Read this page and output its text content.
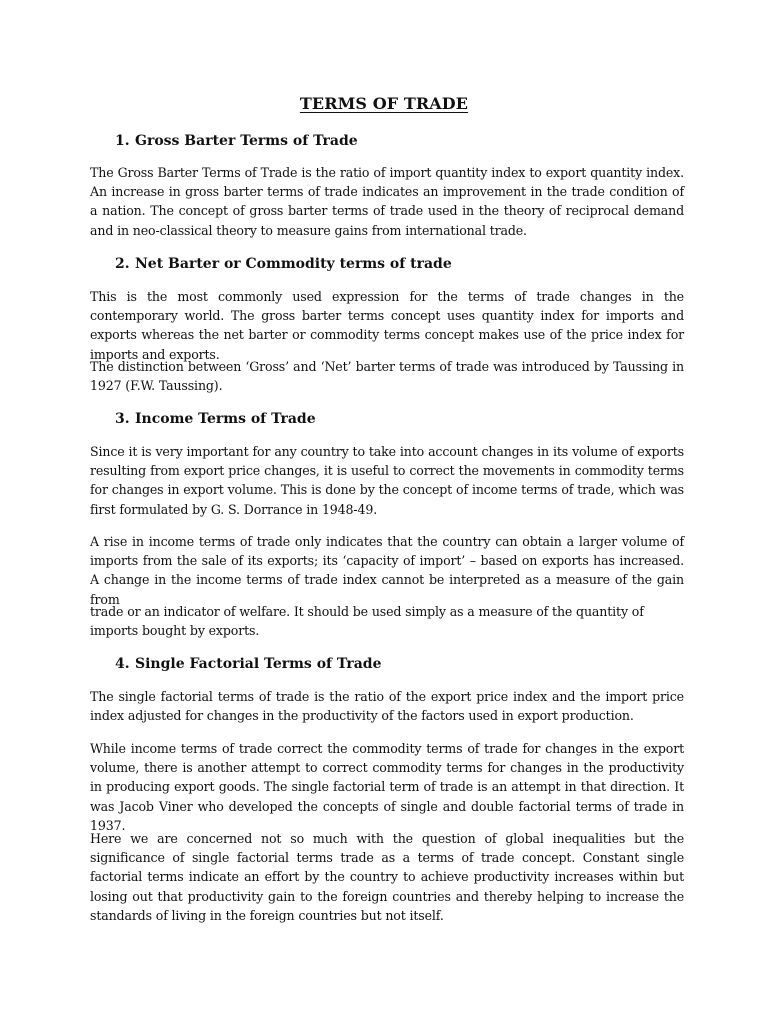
TERMS OF TRADE
1. Gross Barter Terms of Trade

The Gross Barter Terms of Trade is the ratio of import quantity index to export quantity index. An increase in gross barter terms of trade indicates an improvement in the trade condition of a nation. The concept of gross barter terms of trade used in the theory of reciprocal demand and in neo-classical theory to measure gains from international trade.

2. Net Barter or Commodity terms of trade

This is the most commonly used expression for the terms of trade changes in the contemporary world. The gross barter terms concept uses quantity index for imports and exports whereas the net barter or commodity terms concept makes use of the price index for imports and exports.

The distinction between ‘Gross’ and ‘Net’ barter terms of trade was introduced by Taussing in 1927 (F.W. Taussing).

3. Income Terms of Trade

Since it is very important for any country to take into account changes in its volume of exports resulting from export price changes, it is useful to correct the movements in commodity terms for changes in export volume. This is done by the concept of income terms of trade, which was first formulated by G. S. Dorrance in 1948-49.

A rise in income terms of trade only indicates that the country can obtain a larger volume of imports from the sale of its exports; its ‘capacity of import’ – based on exports has increased. A change in the income terms of trade index cannot be interpreted as a measure of the gain from

trade or an indicator of welfare. It should be used simply as a measure of the quantity of imports bought by exports.

4. Single Factorial Terms of Trade

The single factorial terms of trade is the ratio of the export price index and the import price index adjusted for changes in the productivity of the factors used in export production.

While income terms of trade correct the commodity terms of trade for changes in the export volume, there is another attempt to correct commodity terms for changes in the productivity in producing export goods. The single factorial term of trade is an attempt in that direction. It was Jacob Viner who developed the concepts of single and double factorial terms of trade in 1937.

Here we are concerned not so much with the question of global inequalities but the significance of single factorial terms trade as a terms of trade concept. Constant single factorial terms indicate an effort by the country to achieve productivity increases within but losing out that productivity gain to the foreign countries and thereby helping to increase the standards of living in the foreign countries but not itself.
